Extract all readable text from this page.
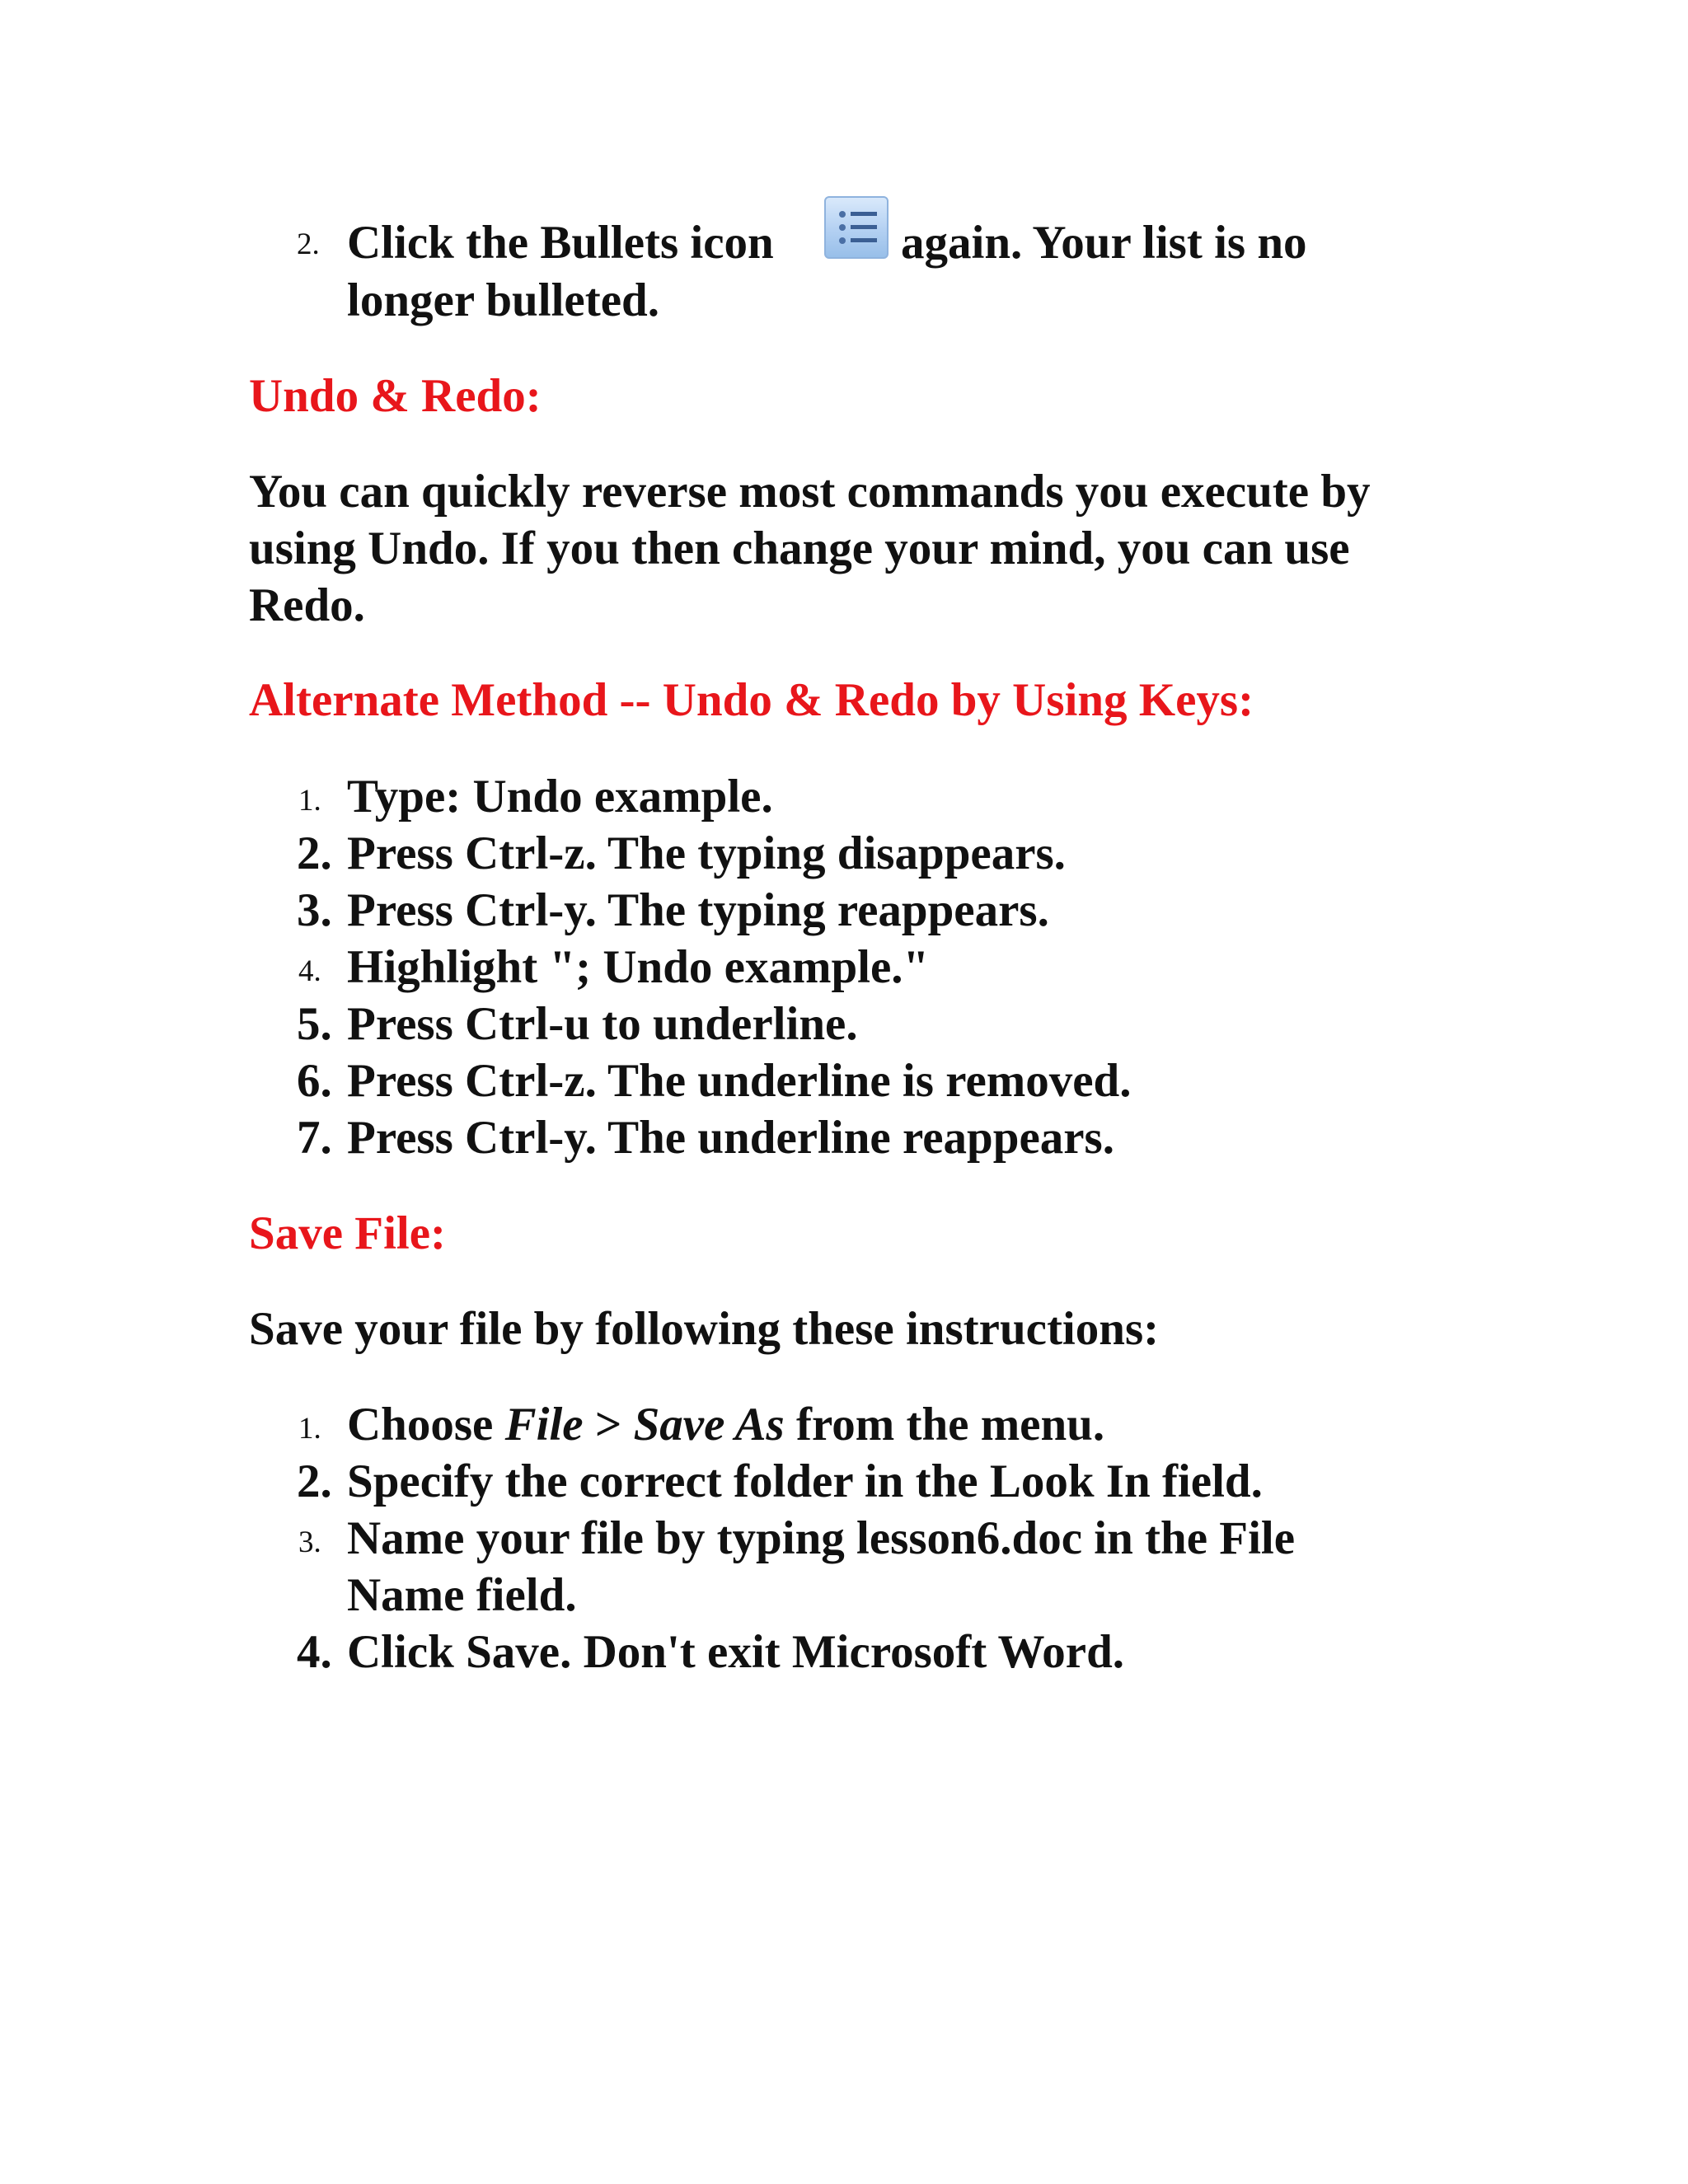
2. Click the Bullets icon	again. Your list is no
longer bulleted.
Undo & Redo:
You can quickly reverse most commands you execute by
using Undo. If you then change your mind, you can use
Redo.
Alternate Method -- Undo & Redo by Using Keys:
1. Type: Undo example.
2. Press Ctrl-z. The typing disappears.
3. Press Ctrl-y. The typing reappears.
4. Highlight "; Undo example."
5. Press Ctrl-u to underline.
6. Press Ctrl-z. The underline is removed.
7. Press Ctrl-y. The underline reappears.
Save File:
Save your file by following these instructions:
1. Choose File > Save As from the menu.
2. Specify the correct folder in the Look In field.
3. Name your file by typing lesson6.doc in the File
Name field.
4. Click Save. Don't exit Microsoft Word.
